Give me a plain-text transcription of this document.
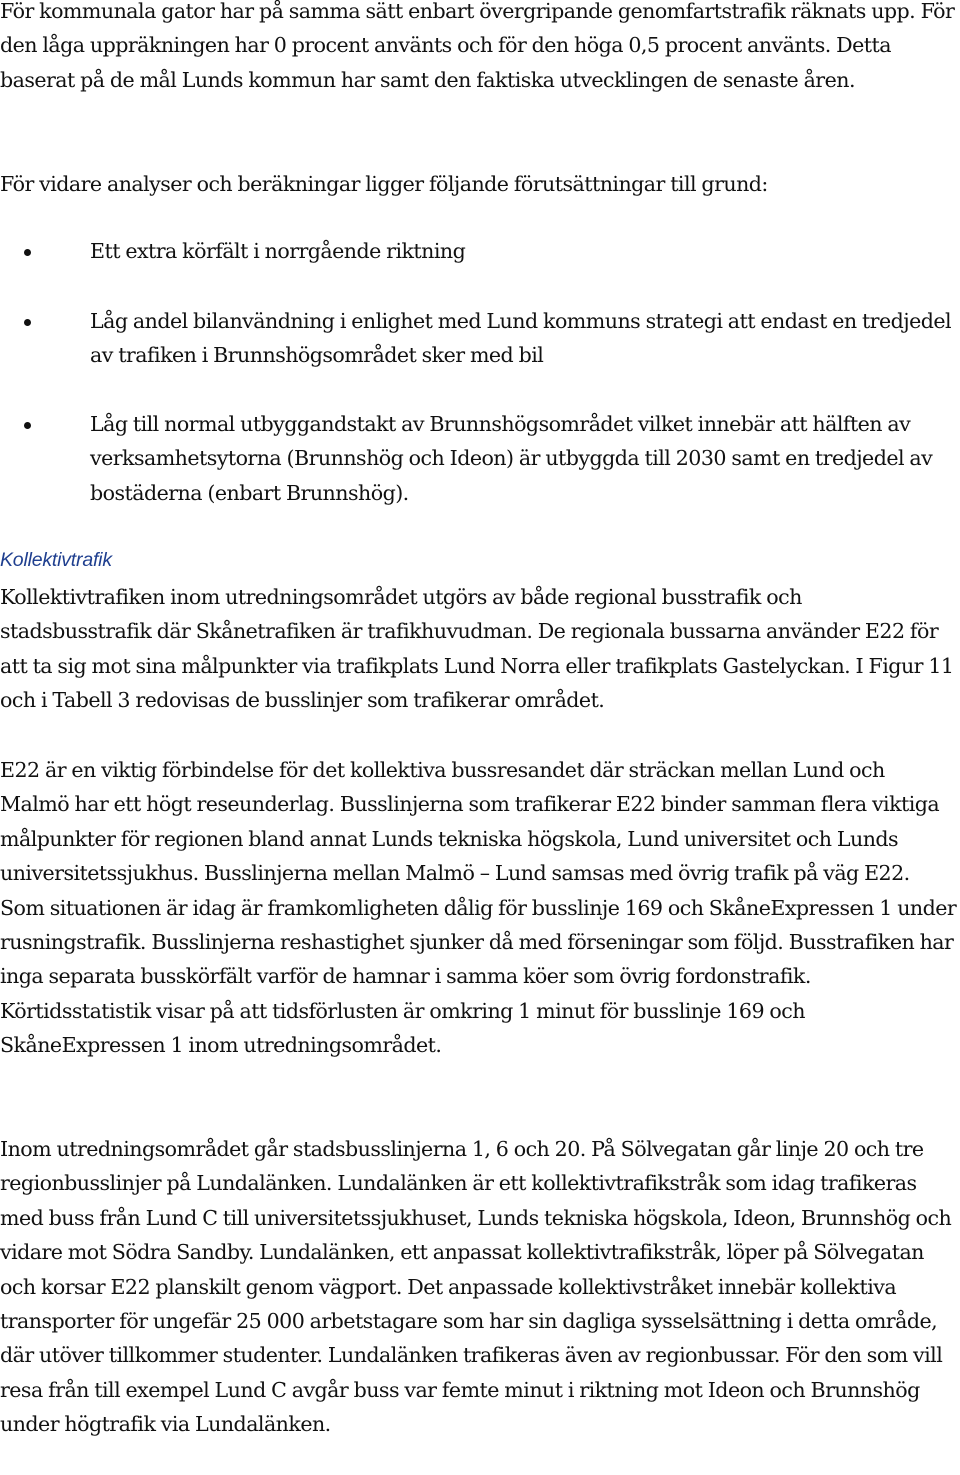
För kommunala gator har på samma sätt enbart övergripande genomfartstrafik räknats upp. För den låga uppräkningen har 0 procent använts och för den höga 0,5 procent använts. Detta baserat på de mål Lunds kommun har samt den faktiska utvecklingen de senaste åren.

För vidare analyser och beräkningar ligger följande förutsättningar till grund:

Ett extra körfält i norrgående riktning

Låg andel bilanvändning i enlighet med Lund kommuns strategi att endast en tredjedel av trafiken i Brunnshögsområdet sker med bil

Låg till normal utbyggandstakt av Brunnshögsområdet vilket innebär att hälften av verksamhetsytorna (Brunnshög och Ideon) är utbyggda till 2030 samt en tredjedel av bostäderna (enbart Brunnshög).

Kollektivtrafik

Kollektivtrafiken inom utredningsområdet utgörs av både regional busstrafik och stadsbusstrafik där Skånetrafiken är trafikhuvudman. De regionala bussarna använder E22 för att ta sig mot sina målpunkter via trafikplats Lund Norra eller trafikplats Gastelyckan. I Figur 11 och i Tabell 3 redovisas de busslinjer som trafikerar området.

E22 är en viktig förbindelse för det kollektiva bussresandet där sträckan mellan Lund och Malmö har ett högt reseunderlag. Busslinjerna som trafikerar E22 binder samman flera viktiga målpunkter för regionen bland annat Lunds tekniska högskola, Lund universitet och Lunds universitetssjukhus. Busslinjerna mellan Malmö – Lund samsas med övrig trafik på väg E22. Som situationen är idag är framkomligheten dålig för busslinje 169 och SkåneExpressen 1 under rusningstrafik. Busslinjerna reshastighet sjunker då med förseningar som följd. Busstrafiken har inga separata busskörfält varför de hamnar i samma köer som övrig fordonstrafik. Körtidsstatistik visar på att tidsförlusten är omkring 1 minut för busslinje 169 och SkåneExpressen 1 inom utredningsområdet.

Inom utredningsområdet går stadsbusslinjerna 1, 6 och 20. På Sölvegatan går linje 20 och tre regionbusslinjer på Lundalänken. Lundalänken är ett kollektivtrafikstråk som idag trafikeras med buss från Lund C till universitetssjukhuset, Lunds tekniska högskola, Ideon, Brunnshög och vidare mot Södra Sandby. Lundalänken, ett anpassat kollektivtrafikstråk, löper på Sölvegatan och korsar E22 planskilt genom vägport. Det anpassade kollektivstråket innebär kollektiva transporter för ungefär 25 000 arbetstagare som har sin dagliga sysselsättning i detta område, där utöver tillkommer studenter. Lundalänken trafikeras även av regionbussar. För den som vill resa från till exempel Lund C avgår buss var femte minut i riktning mot Ideon och Brunnshög under högtrafik via Lundalänken.
